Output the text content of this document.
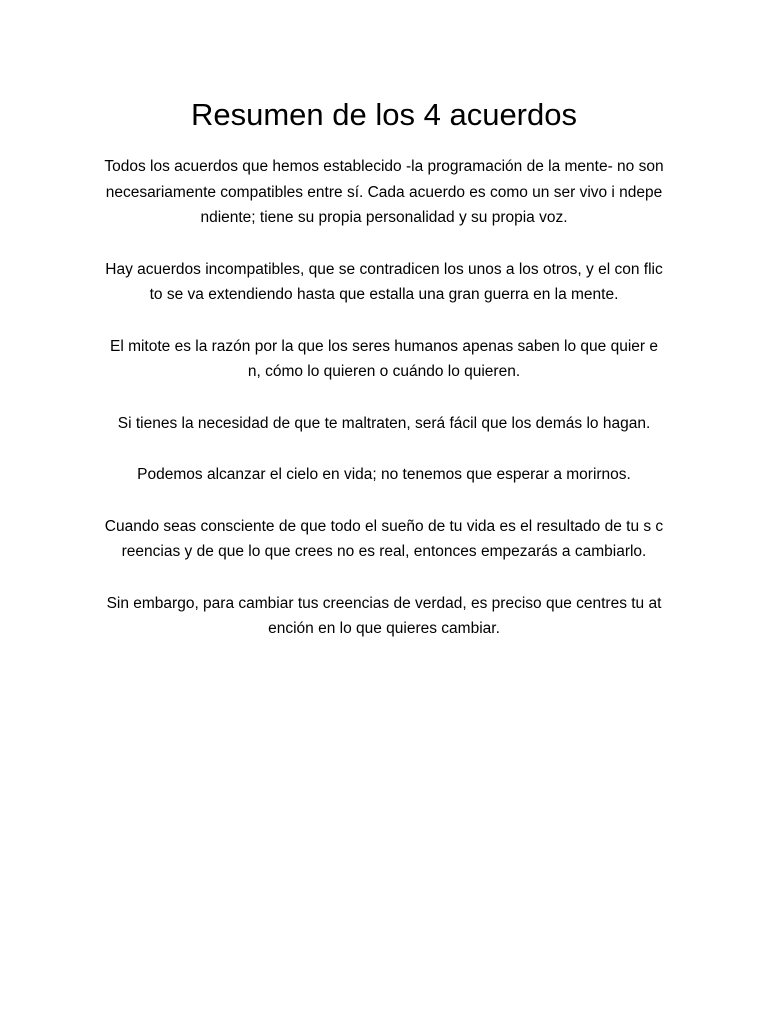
Resumen de los 4 acuerdos

Todos los acuerdos que hemos establecido -la programación de la mente- no son necesariamente compatibles entre sí. Cada acuerdo es como un ser vivo i ndependiente; tiene su propia personalidad y su propia voz.

Hay acuerdos incompatibles, que se contradicen los unos a los otros, y el con flicto se va extendiendo hasta que estalla una gran guerra en la mente.

El mitote es la razón por la que los seres humanos apenas saben lo que quier en, cómo lo quieren o cuándo lo quieren.

Si tienes la necesidad de que te maltraten, será fácil que los demás lo hagan.

Podemos alcanzar el cielo en vida; no tenemos que esperar a morirnos.

Cuando seas consciente de que todo el sueño de tu vida es el resultado de tu s creencias y de que lo que crees no es real, entonces empezarás a cambiarlo.

Sin embargo, para cambiar tus creencias de verdad, es preciso que centres tu atención en lo que quieres cambiar.
